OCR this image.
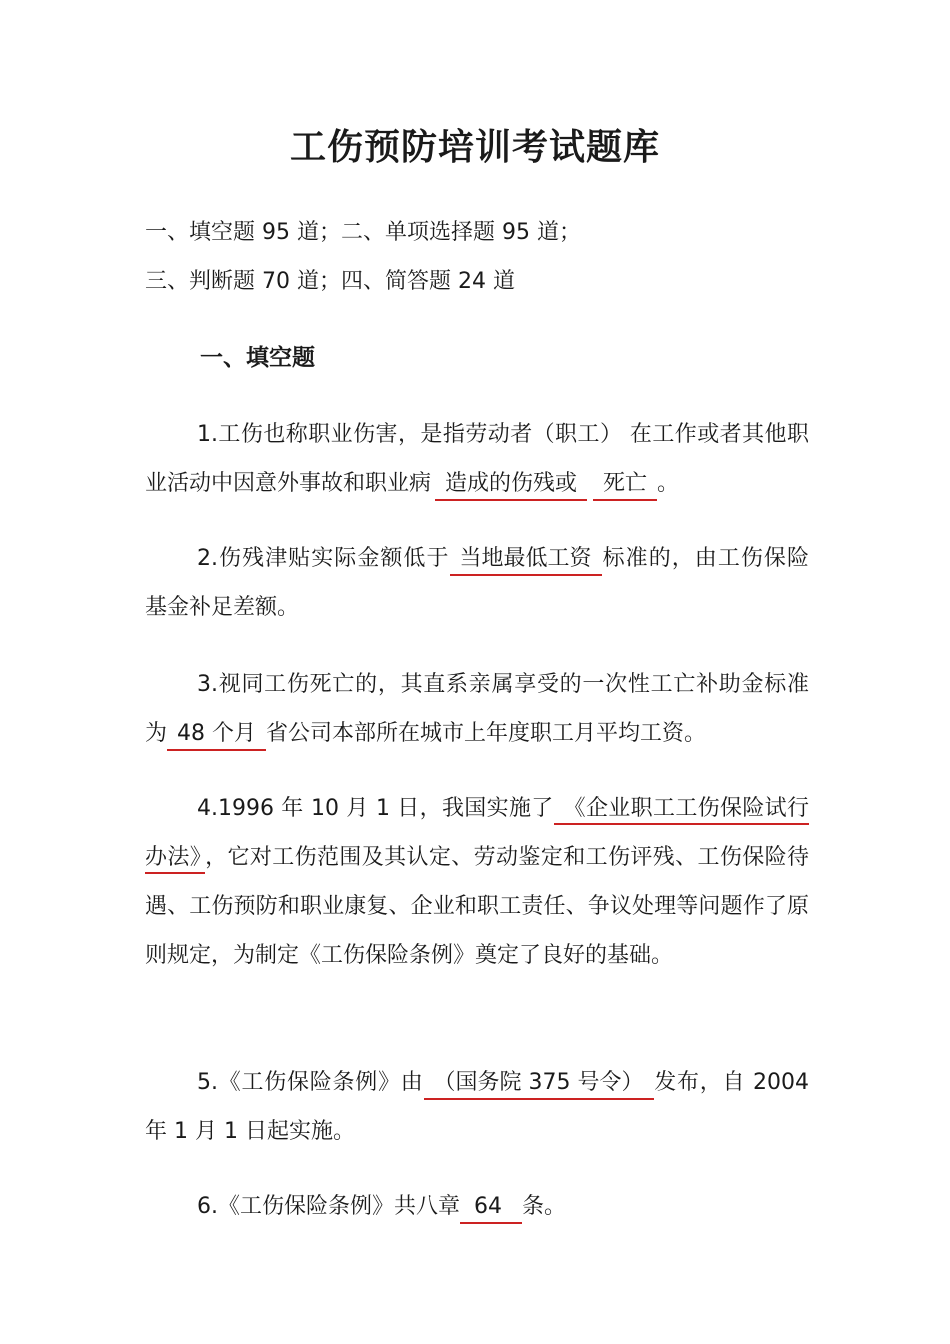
工伤预防培训考试题库
一、填空题 95 道；二、单项选择题 95 道；
三、判断题 70 道；四、简答题 24 道
一、填空题
1.工伤也称职业伤害，是指劳动者（职工） 在工作或者其他职业活动中因意外事故和职业病 造成的伤残或 死亡 。
2.伤残津贴实际金额低于 当地最低工资 标准的，由工伤保险基金补足差额。
3.视同工伤死亡的，其直系亲属享受的一次性工亡补助金标准为 48 个月 省公司本部所在城市上年度职工月平均工资。
4.1996 年 10 月 1 日，我国实施了 《企业职工工伤保险试行办法》 ，它对工伤范围及其认定、劳动鉴定和工伤评残、工伤保险待遇、工伤预防和职业康复、企业和职工责任、争议处理等问题作了原则规定，为制定《工伤保险条例》奠定了良好的基础。
5.《工伤保险条例》由 （国务院 375 号令） 发布，自 2004 年 1 月 1 日起实施。
6.《工伤保险条例》共八章 64 条。
